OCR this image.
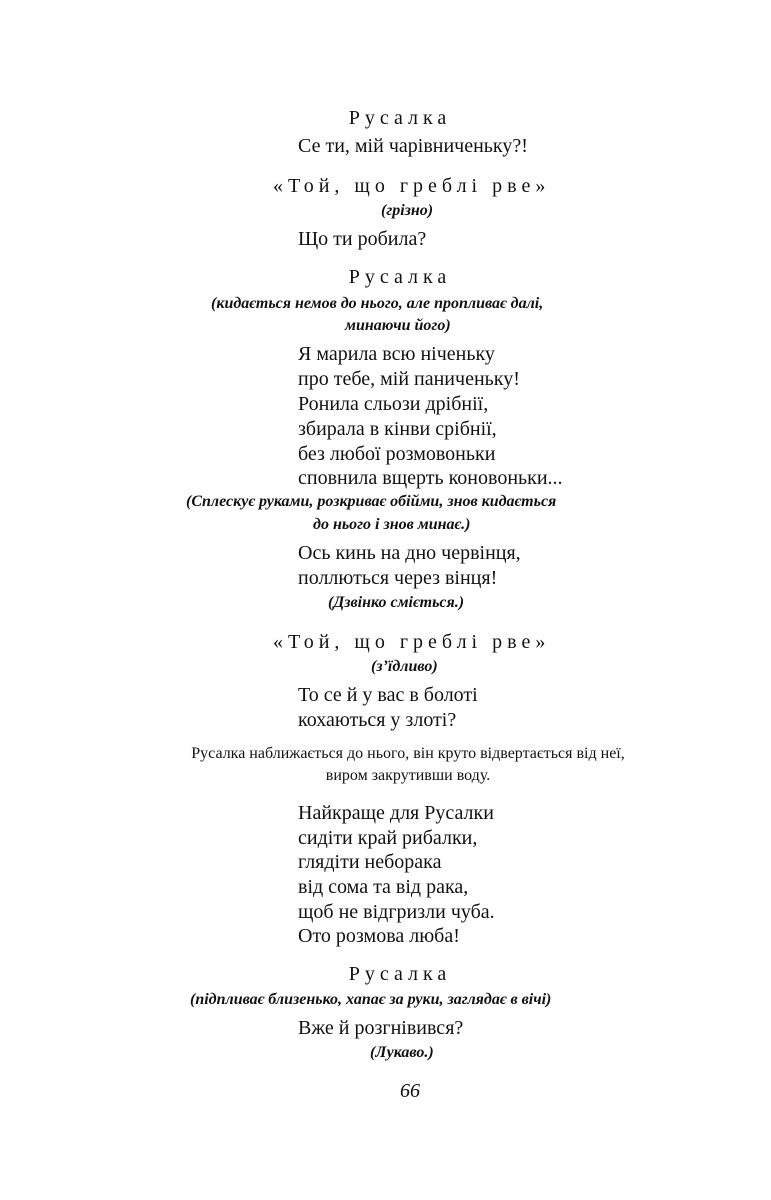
Русалка
Се ти, мій чарівниченьку?!
«Той, що греблі рве»
(грізно)
Що ти робила?
Русалка
(кидається немов до нього, але пропливає далі,
минаючи його)
Я марила всю ніченьку
про тебе, мій паниченьку!
Ронила сльози дрібнії,
збирала в кінви срібнії,
без любої розмовоньки
сповнила вщерть коновоньки...
(Сплескує руками, розкриває обійми, знов кидається
до нього і знов минає.)
Ось кинь на дно червінця,
поллються через вінця!
(Дзвінко сміється.)
«Той, що греблі рве»
(з’їдливо)
То се й у вас в болоті
кохаються у злоті?
Русалка наближається до нього, він круто відвертається від неї,
виром закрутивши воду.
Найкраще для Русалки
сидіти край рибалки,
глядіти небоpака
від сома та від рака,
щоб не відгризли чуба.
Ото розмова люба!
Русалка
(підпливає близенько, хапає за руки, заглядає в вічі)
Вже й розгнівився?
(Лукаво.)
66
